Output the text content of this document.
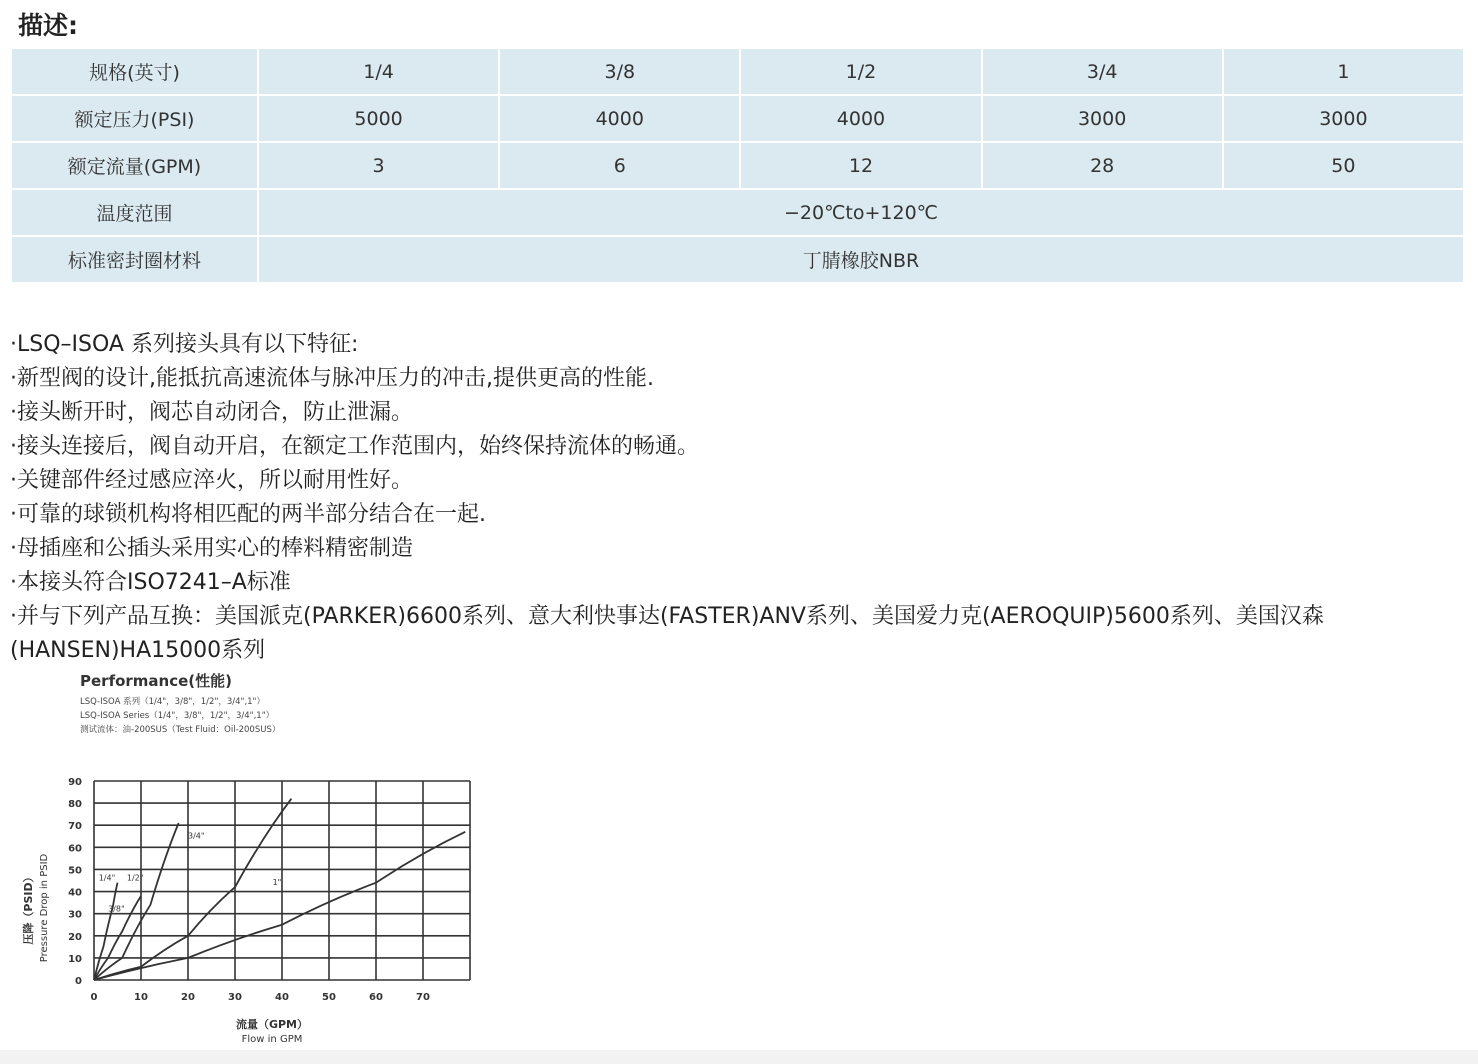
描述:
规格(英寸)	1/4	3/8	1/2	3/4	1
额定压力(PSI)	5000	4000	4000	3000	3000
额定流量(GPM)	3	6	12	28	50
温度范围	−20℃to+120℃				
标准密封圈材料	丁腈橡胶NBR				
·LSQ–ISOA 系列接头具有以下特征:
·新型阀的设计,能抵抗高速流体与脉冲压力的冲击,提供更高的性能.
·接头断开时，阀芯自动闭合，防止泄漏。
·接头连接后，阀自动开启，在额定工作范围内，始终保持流体的畅通。
·关键部件经过感应淬火，所以耐用性好。
·可靠的球锁机构将相匹配的两半部分结合在一起.
·母插座和公插头采用实心的棒料精密制造
·本接头符合ISO7241–A标准
·并与下列产品互换：美国派克(PARKER)6600系列、意大利快事达(FASTER)ANV系列、美国爱力克(AEROQUIP)5600系列、美国汉森(HANSEN)HA15000系列
Performance(性能)
LSQ-ISOA 系列（1/4"，3/8"，1/2"，3/4",1"）
LSQ-ISOA Series（1/4"，3/8"，1/2"，3/4",1"）
测试流体：油-200SUS（Test Fluid：Oil-200SUS）
0
10
20
30
40
50
60
70
80
90
0	10	20	30	40	50	60	70
1/4"
3/8"
1/2"
3/4"
1"
流量（GPM）
Flow in GPM
压降（PSID） Pressure Drop in PSID
